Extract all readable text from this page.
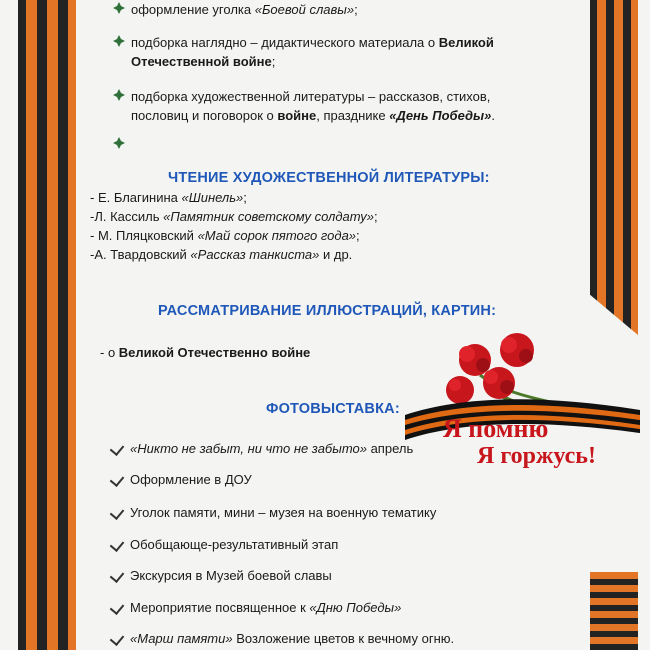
оформление уголка «Боевой славы»;
подборка наглядно – дидактического материала о Великой
Отечественной войне;
подборка художественной литературы – рассказов, стихов,
пословиц и поговорок о войне, празднике «День Победы».
ЧТЕНИЕ ХУДОЖЕСТВЕННОЙ ЛИТЕРАТУРЫ:
- Е. Благинина «Шинель»;
-Л. Кассиль «Памятник советскому солдату»;
- М. Пляцковский «Май сорок пятого года»;
-А. Твардовский «Рассказ танкиста» и др.
РАССМАТРИВАНИЕ ИЛЛЮСТРАЦИЙ, КАРТИН:
- о Великой Отечественно войне
ФОТОВЫСТАВКА:
«Никто не забыт, ни что не забыто» апрель
Оформление в ДОУ
Уголок памяти, мини – музея на военную тематику
Обобщающе-результативный этап
Экскурсия в Музей боевой славы
Мероприятие посвященное к «Дню Победы»
«Марш памяти» Возложение цветов к вечному огню.
Я помню
Я горжусь!
